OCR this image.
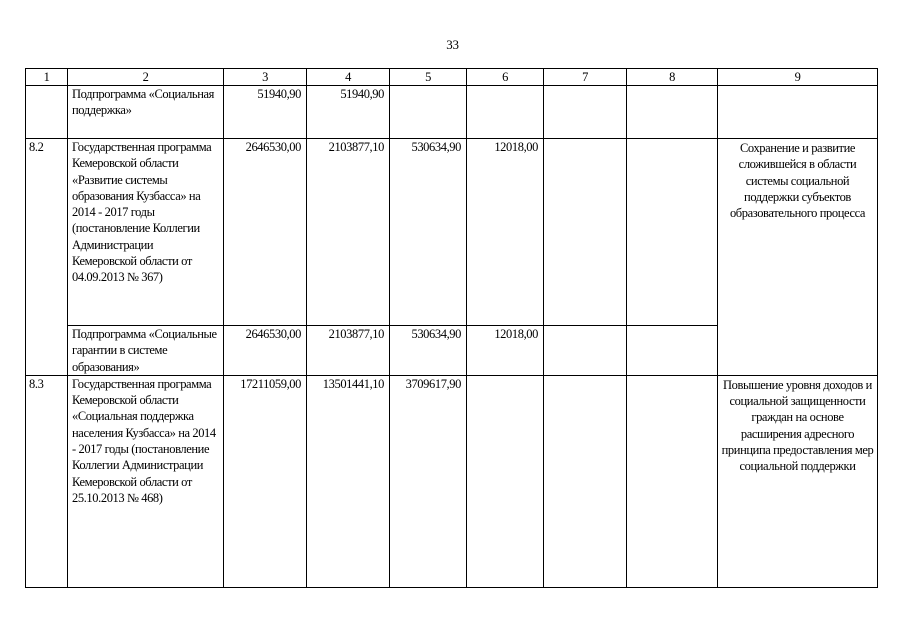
33
1	2	3	4	5	6	7	8	9
	Подпрограмма «Социальная поддержка»	51940,90	51940,90					
8.2	Государственная программа Кемеровской области «Развитие системы образования Кузбасса» на 2014 - 2017 годы (постановление Коллегии Администрации Кемеровской области от 04.09.2013 № 367)	2646530,00	2103877,10	530634,90	12018,00			Сохранение и развитие сложившейся в области системы социальной поддержки субъектов образовательного процесса
	Подпрограмма «Социальные гарантии в системе образования»	2646530,00	2103877,10	530634,90	12018,00			
8.3	Государственная программа Кемеровской области «Социальная поддержка населения Кузбасса» на 2014 - 2017 годы (постановление Коллегии Администрации Кемеровской области от 25.10.2013 № 468)	17211059,00	13501441,10	3709617,90				Повышение уровня доходов и социальной защищенности граждан на основе расширения адресного принципа предоставления мер социальной поддержки
